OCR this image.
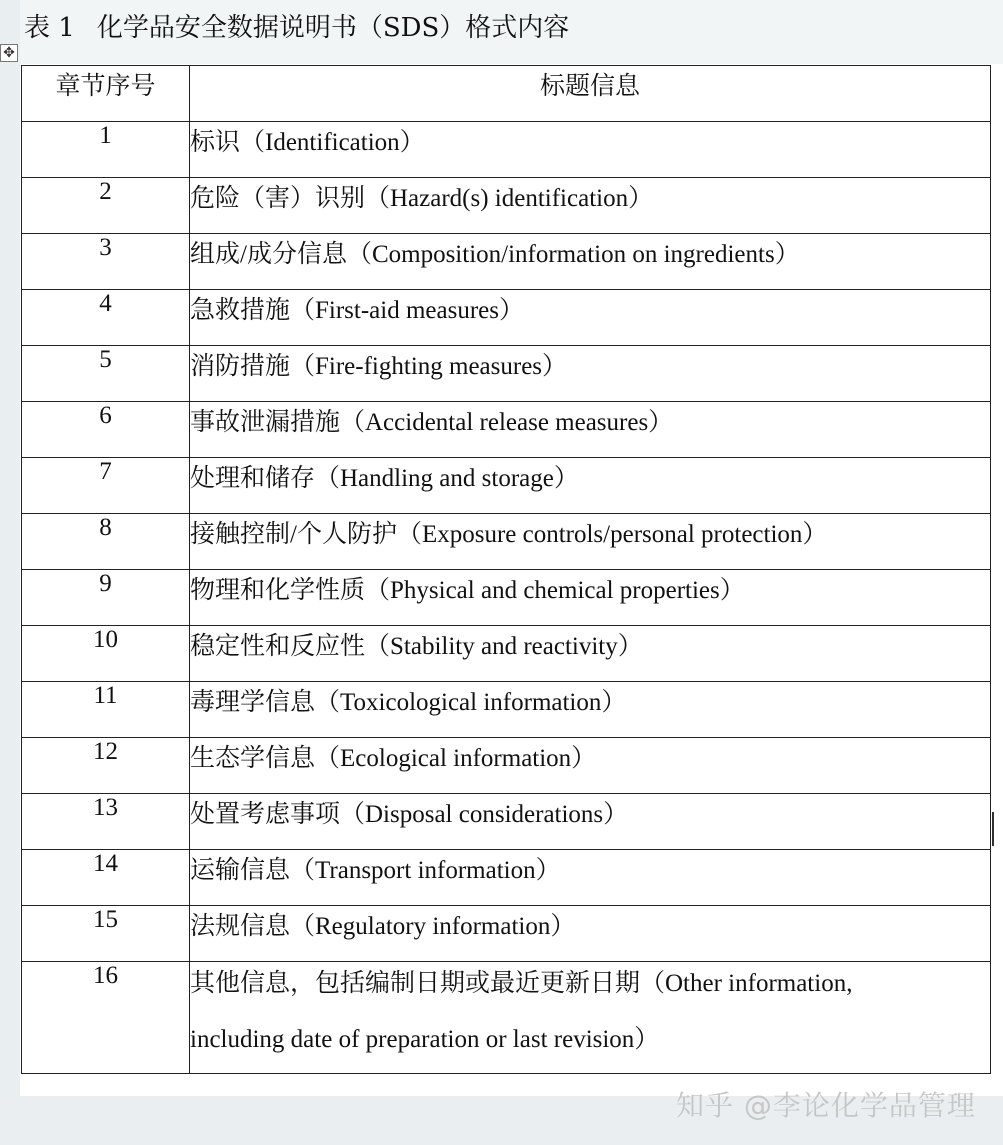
表 1 化学品安全数据说明书（SDS）格式内容
✥
章节序号	标题信息
1	标识（Identification）
2	危险（害）识别（Hazard(s) identification）
3	组成/成分信息（Composition/information on ingredients）
4	急救措施（First-aid measures）
5	消防措施（Fire-fighting measures）
6	事故泄漏措施（Accidental release measures）
7	处理和储存（Handling and storage）
8	接触控制/个人防护（Exposure controls/personal protection）
9	物理和化学性质（Physical and chemical properties）
10	稳定性和反应性（Stability and reactivity）
11	毒理学信息（Toxicological information）
12	生态学信息（Ecological information）
13	处置考虑事项（Disposal considerations）
14	运输信息（Transport information）
15	法规信息（Regulatory information）
16	其他信息，包括编制日期或最近更新日期（Other information,
including date of preparation or last revision）
知乎 @李论化学品管理
